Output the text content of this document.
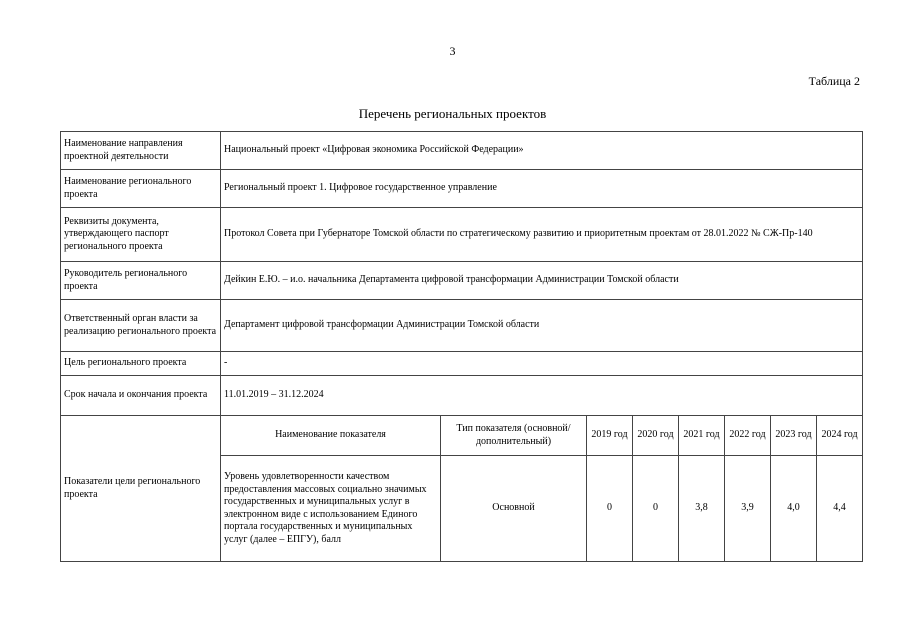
3
Таблица 2
Перечень региональных проектов
Наименование направления проектной деятельности	Национальный проект «Цифровая экономика Российской Федерации»							
Наименование регионального проекта	Региональный проект 1. Цифровое государственное управление							
Реквизиты документа, утверждающего паспорт регионального проекта	Протокол Совета при Губернаторе Томской области по стратегическому развитию и приоритетным проектам от 28.01.2022 № СЖ-Пр-140							
Руководитель регионального проекта	Дейкин Е.Ю. – и.о. начальника Департамента цифровой трансформации Администрации Томской области							
Ответственный орган власти за реализацию регионального проекта	Департамент цифровой трансформации Администрации Томской области							
Цель регионального проекта	-							
Срок начала и окончания проекта	11.01.2019 – 31.12.2024							
Показатели цели регионального проекта	Наименование показателя	Тип показателя (основной/ дополнительный)	2019 год	2020 год	2021 год	2022 год	2023 год	2024 год
	Уровень удовлетворенности качеством предоставления массовых социально значимых государственных и муниципальных услуг в электронном виде с использованием Единого портала государственных и муниципальных услуг (далее – ЕПГУ), балл	Основной	0	0	3,8	3,9	4,0	4,4
